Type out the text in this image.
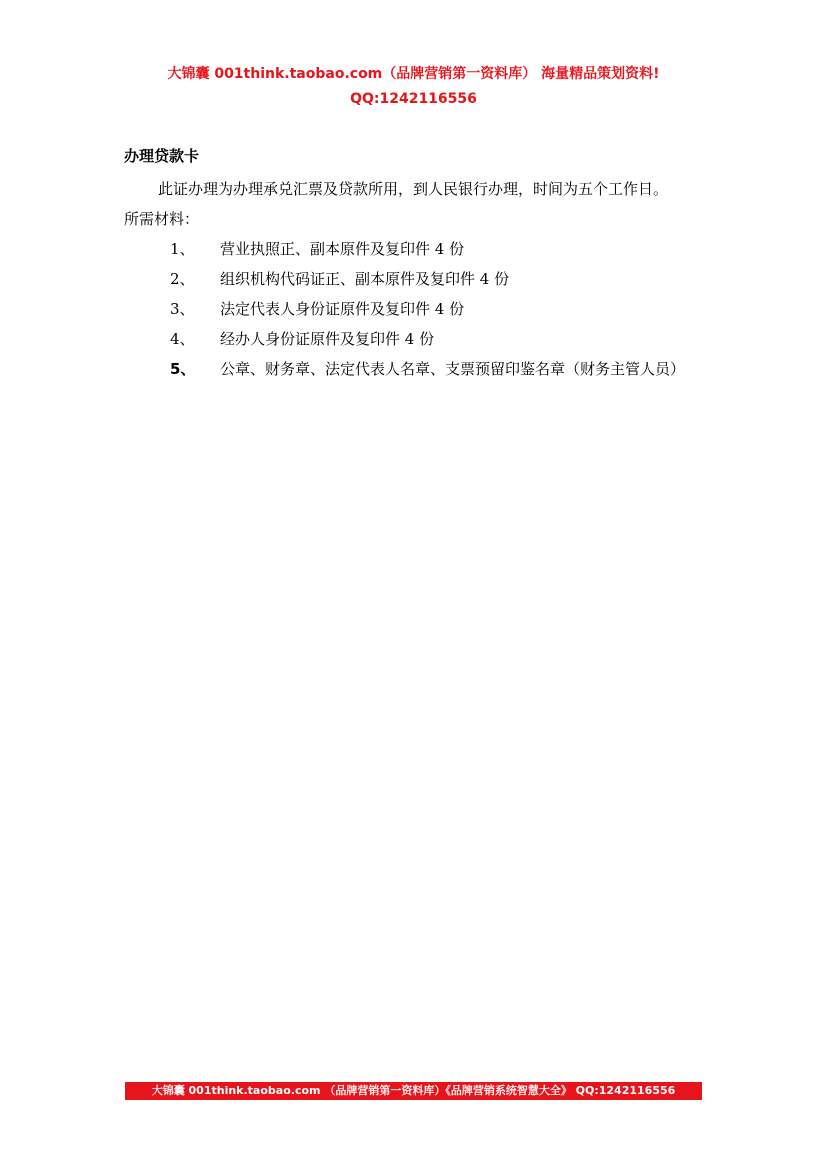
大锦囊 001think.taobao.com（品牌营销第一资料库） 海量精品策划资料!
QQ:1242116556
办理贷款卡

此证办理为办理承兑汇票及贷款所用，到人民银行办理，时间为五个工作日。

所需材料：

1、	营业执照正、副本原件及复印件 4 份
2、	组织机构代码证正、副本原件及复印件 4 份
3、	法定代表人身份证原件及复印件 4 份
4、	经办人身份证原件及复印件 4 份
5、	公章、财务章、法定代表人名章、支票预留印鉴名章（财务主管人员）
大锦囊 001think.taobao.com （品牌营销第一资料库）《品牌营销系统智慧大全》 QQ:1242116556
